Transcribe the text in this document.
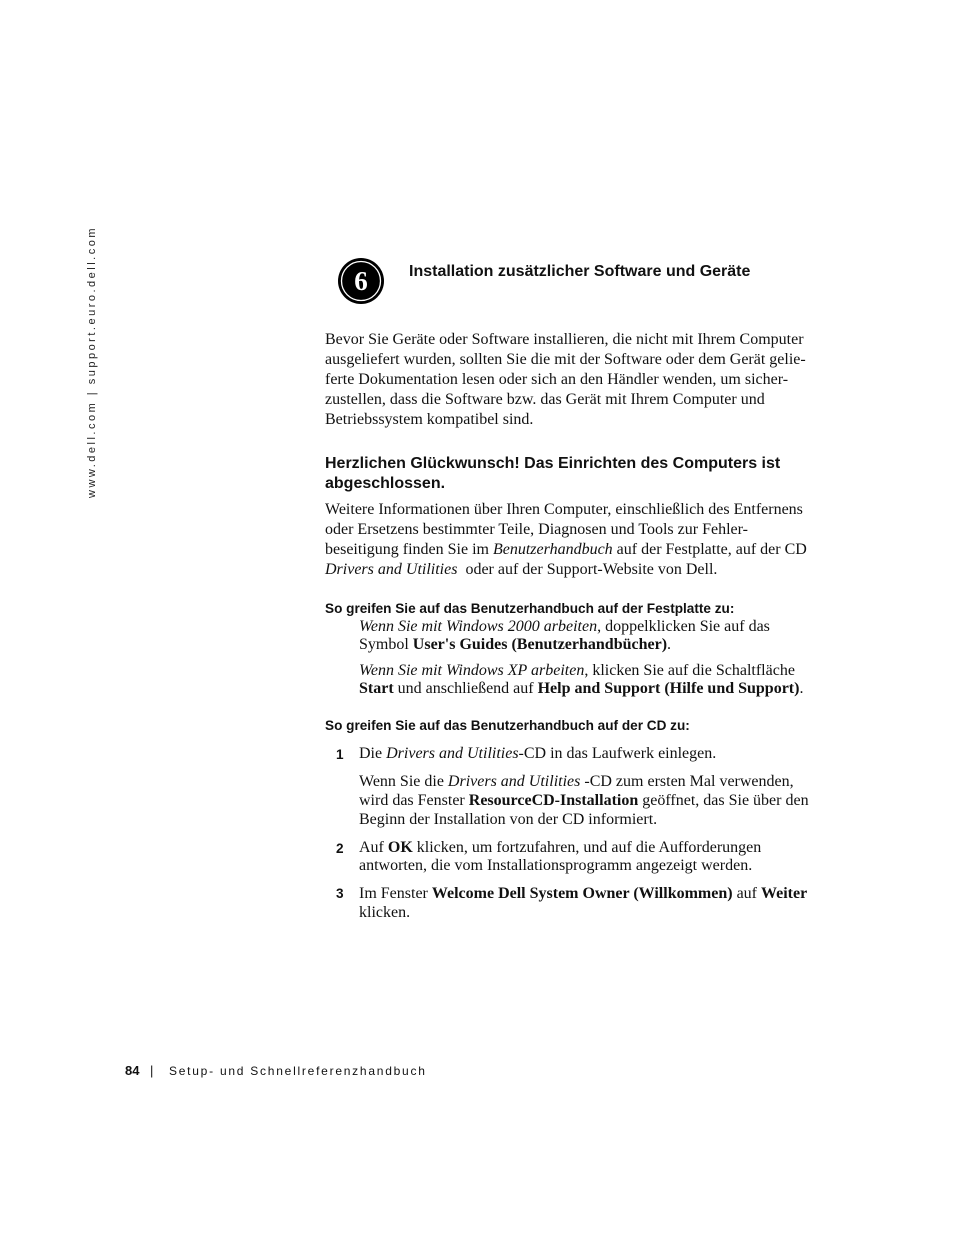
www.dell.com | support.euro.dell.com	6	Installation zusätzlicher Software und Geräte
Bevor Sie Geräte oder Software installieren, die nicht mit Ihrem Computer
ausgeliefert wurden, sollten Sie die mit der Software oder dem Gerät gelie-
ferte Dokumentation lesen oder sich an den Händler wenden, um sicher-
zustellen, dass die Software bzw. das Gerät mit Ihrem Computer und
Betriebssystem kompatibel sind.
Herzlichen Glückwunsch! Das Einrichten des Computers ist
abgeschlossen.
Weitere Informationen über Ihren Computer, einschließlich des Entfernens
oder Ersetzens bestimmter Teile, Diagnosen und Tools zur Fehler-
beseitigung finden Sie im Benutzerhandbuch auf der Festplatte, auf der CD
Drivers and Utilities  oder auf der Support-Website von Dell.
So greifen Sie auf das Benutzerhandbuch auf der Festplatte zu:
Wenn Sie mit Windows 2000 arbeiten, doppelklicken Sie auf das
Symbol User's Guides (Benutzerhandbücher).
Wenn Sie mit Windows XP arbeiten, klicken Sie auf die Schaltfläche
Start und anschließend auf Help and Support (Hilfe und Support).
So greifen Sie auf das Benutzerhandbuch auf der CD zu:
1 Die Drivers and Utilities-CD in das Laufwerk einlegen.
Wenn Sie die Drivers and Utilities -CD zum ersten Mal verwenden,
wird das Fenster ResourceCD-Installation geöffnet, das Sie über den
Beginn der Installation von der CD informiert.
2 Auf OK klicken, um fortzufahren, und auf die Aufforderungen
antworten, die vom Installationsprogramm angezeigt werden.
3 Im Fenster Welcome Dell System Owner (Willkommen) auf Weiter
klicken.
84 | Setup- und Schnellreferenzhandbuch
